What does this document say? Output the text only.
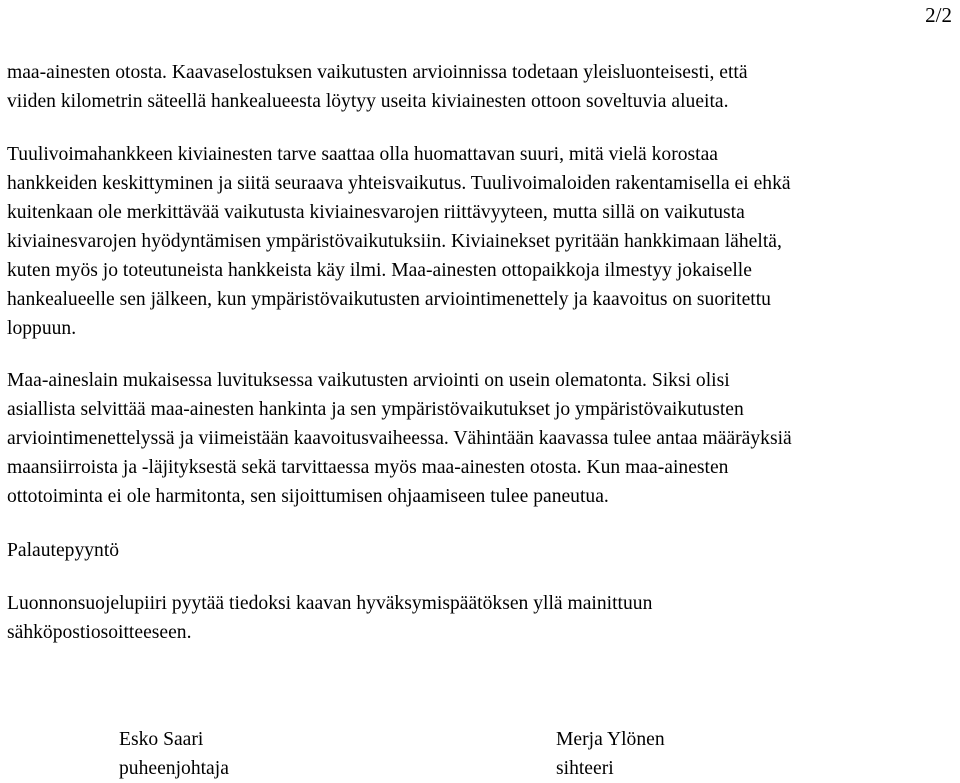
2/2

maa-ainesten otosta. Kaavaselostuksen vaikutusten arvioinnissa todetaan yleisluonteisesti, että
viiden kilometrin säteellä hankealueesta löytyy useita kiviainesten ottoon soveltuvia alueita.

Tuulivoimahankkeen kiviainesten tarve saattaa olla huomattavan suuri, mitä vielä korostaa
hankkeiden keskittyminen ja siitä seuraava yhteisvaikutus. Tuulivoimaloiden rakentamisella ei ehkä
kuitenkaan ole merkittävää vaikutusta kiviainesvarojen riittävyyteen, mutta sillä on vaikutusta
kiviainesvarojen hyödyntämisen ympäristövaikutuksiin. Kiviainekset pyritään hankkimaan läheltä,
kuten myös jo toteutuneista hankkeista käy ilmi. Maa-ainesten ottopaikkoja ilmestyy jokaiselle
hankealueelle sen jälkeen, kun ympäristövaikutusten arviointimenettely ja kaavoitus on suoritettu
loppuun.

Maa-aineslain mukaisessa luvituksessa vaikutusten arviointi on usein olematonta. Siksi olisi
asiallista selvittää maa-ainesten hankinta ja sen ympäristövaikutukset jo ympäristövaikutusten
arviointimenettelyssä ja viimeistään kaavoitusvaiheessa. Vähintään kaavassa tulee antaa määräyksiä
maansiirroista ja -läjityksestä sekä tarvittaessa myös maa-ainesten otosta. Kun maa-ainesten
ottotoiminta ei ole harmitonta, sen sijoittumisen ohjaamiseen tulee paneutua.

Palautepyyntö
Luonnonsuojelupiiri pyytää tiedoksi kaavan hyväksymispäätöksen yllä mainittuun
sähköpostiosoitteeseen.
Esko Saari
puheenjohtaja
Merja Ylönen
sihteeri
